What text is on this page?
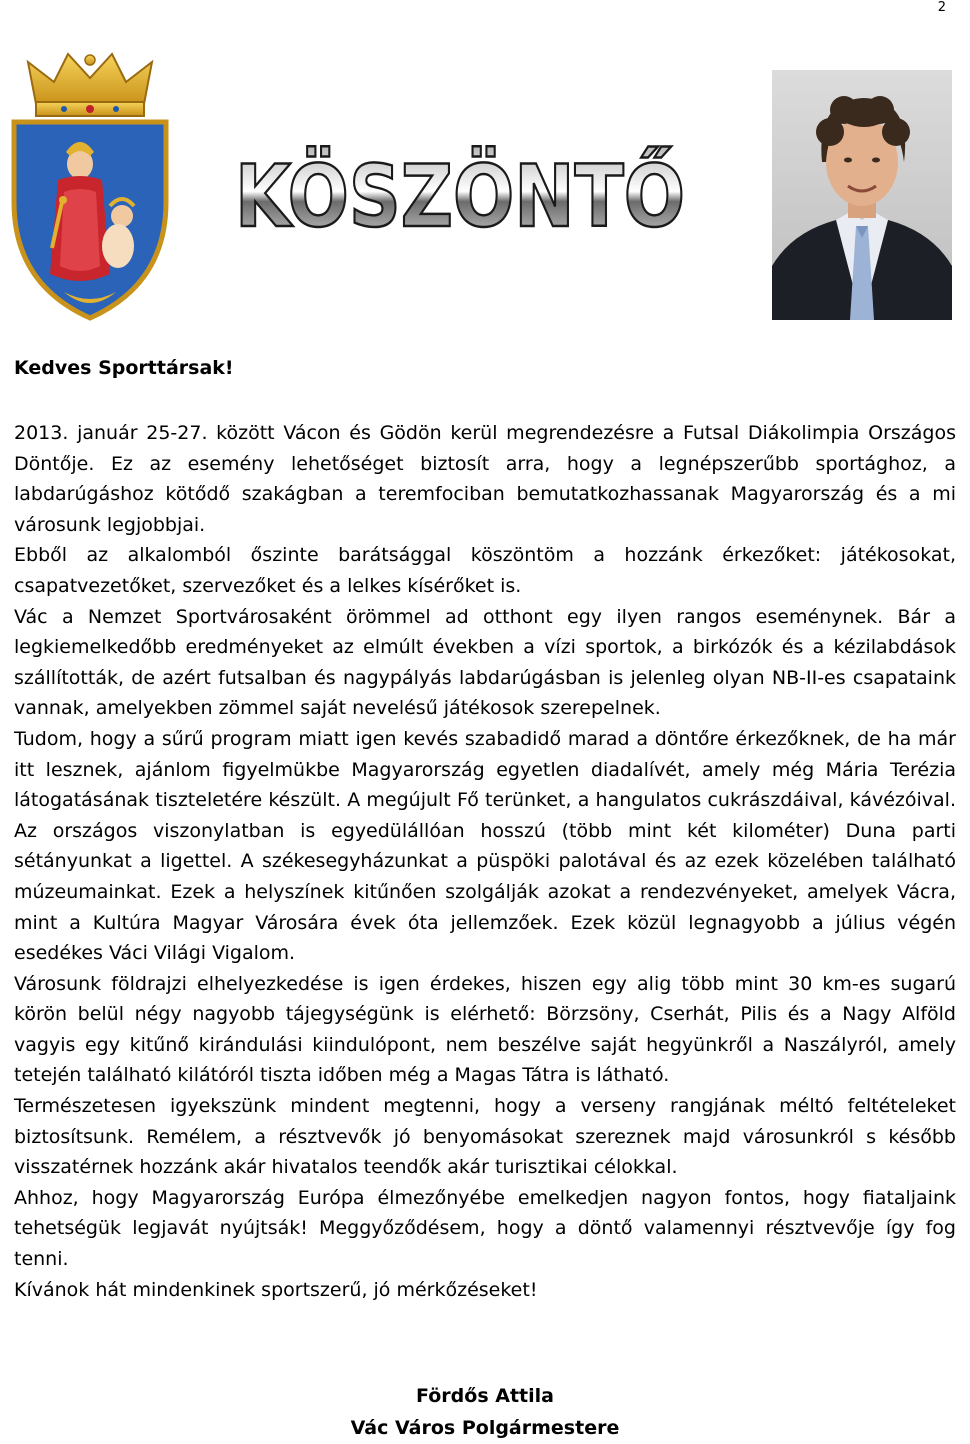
2
KÖSZÖNTŐ
Kedves Sporttársak!

2013. január 25-27. között Vácon és Gödön kerül megrendezésre a Futsal Diákolimpia Országos Döntője. Ez az esemény lehetőséget biztosít arra, hogy a legnépszerűbb sportághoz, a labdarúgáshoz kötődő szakágban a teremfociban bemutatkozhassanak Magyarország és a mi városunk legjobbjai.

Ebből az alkalomból őszinte barátsággal köszöntöm a hozzánk érkezőket: játékosokat, csapatvezetőket, szervezőket és a lelkes kísérőket is.

Vác a Nemzet Sportvárosaként örömmel ad otthont egy ilyen rangos eseménynek. Bár a legkiemelkedőbb eredményeket az elmúlt években a vízi sportok, a birkózók és a kézilabdások szállították, de azért futsalban és nagypályás labdarúgásban is jelenleg olyan NB-II-es csapataink vannak, amelyekben zömmel saját nevelésű játékosok szerepelnek.

Tudom, hogy a sűrű program miatt igen kevés szabadidő marad a döntőre érkezőknek, de ha már itt lesznek, ajánlom figyelmükbe Magyarország egyetlen diadalívét, amely még Mária Terézia látogatásának tiszteletére készült. A megújult Fő terünket, a hangulatos cukrászdáival, kávézóival. Az országos viszonylatban is egyedülállóan hosszú (több mint két kilométer) Duna parti sétányunkat a ligettel. A székesegyházunkat a püspöki palotával és az ezek közelében található múzeumainkat. Ezek a helyszínek kitűnően szolgálják azokat a rendezvényeket, amelyek Vácra, mint a Kultúra Magyar Városára évek óta jellemzőek. Ezek közül legnagyobb a július végén esedékes Váci Világi Vigalom.

Városunk földrajzi elhelyezkedése is igen érdekes, hiszen egy alig több mint 30 km-es sugarú körön belül négy nagyobb tájegységünk is elérhető: Börzsöny, Cserhát, Pilis és a Nagy Alföld vagyis egy kitűnő kirándulási kiindulópont, nem beszélve saját hegyünkről a Naszályról, amely tetején található kilátóról tiszta időben még a Magas Tátra is látható.

Természetesen igyekszünk mindent megtenni, hogy a verseny rangjának méltó feltételeket biztosítsunk. Remélem, a résztvevők jó benyomásokat szereznek majd városunkról s később visszatérnek hozzánk akár hivatalos teendők akár turisztikai célokkal.

Ahhoz, hogy Magyarország Európa élmezőnyébe emelkedjen nagyon fontos, hogy fiataljaink tehetségük legjavát nyújtsák! Meggyőződésem, hogy a döntő valamennyi résztvevője így fog tenni.

Kívánok hát mindenkinek sportszerű, jó mérkőzéseket!

Fördős Attila
Vác Város Polgármestere
